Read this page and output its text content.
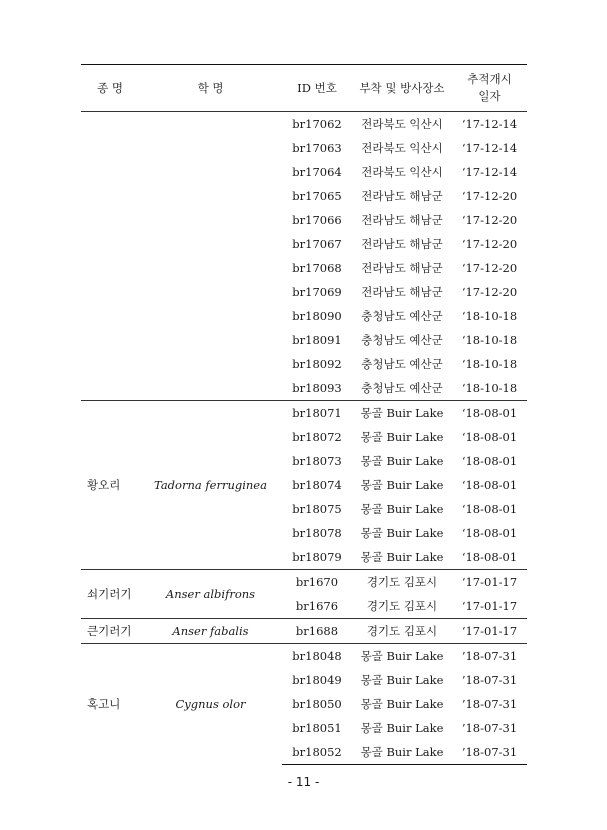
종 명	학 명	ID 번호	부착 및 방사장소	추적개시
일자
		br17062	전라북도 익산시	‘17-12-14
		br17063	전라북도 익산시	‘17-12-14
		br17064	전라북도 익산시	‘17-12-14
		br17065	전라남도 해남군	‘17-12-20
		br17066	전라남도 해남군	‘17-12-20
		br17067	전라남도 해남군	‘17-12-20
		br17068	전라남도 해남군	‘17-12-20
		br17069	전라남도 해남군	‘17-12-20
		br18090	충청남도 예산군	‘18-10-18
		br18091	충청남도 예산군	‘18-10-18
		br18092	충청남도 예산군	‘18-10-18
		br18093	충청남도 예산군	‘18-10-18
황오리	Tadorna ferruginea	br18071	몽골 Buir Lake	‘18-08-01
		br18072	몽골 Buir Lake	‘18-08-01
		br18073	몽골 Buir Lake	‘18-08-01
		br18074	몽골 Buir Lake	‘18-08-01
		br18075	몽골 Buir Lake	‘18-08-01
		br18078	몽골 Buir Lake	‘18-08-01
		br18079	몽골 Buir Lake	‘18-08-01
쇠기러기	Anser albifrons	br1670	경기도 김포시	‘17-01-17
		br1676	경기도 김포시	‘17-01-17
큰기러기	Anser fabalis	br1688	경기도 김포시	‘17-01-17
혹고니	Cygnus olor	br18048	몽골 Buir Lake	’18-07-31
		br18049	몽골 Buir Lake	’18-07-31
		br18050	몽골 Buir Lake	’18-07-31
		br18051	몽골 Buir Lake	’18-07-31
		br18052	몽골 Buir Lake	’18-07-31
- 11 -
